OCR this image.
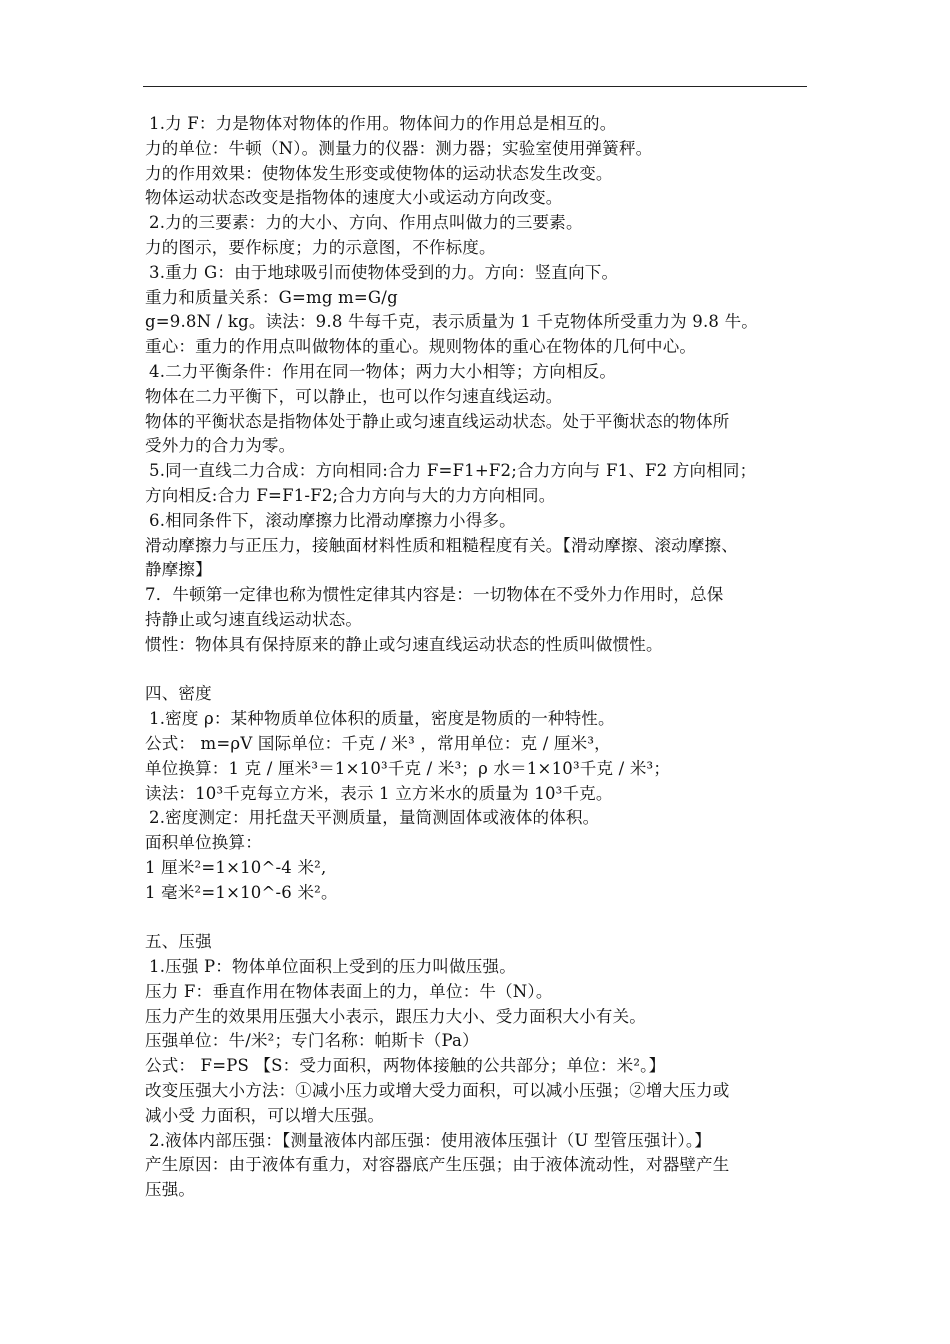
1.力 F：力是物体对物体的作用。物体间力的作用总是相互的。
力的单位：牛顿（N）。测量力的仪器：测力器；实验室使用弹簧秤。
力的作用效果：使物体发生形变或使物体的运动状态发生改变。
物体运动状态改变是指物体的速度大小或运动方向改变。
2.力的三要素：力的大小、方向、作用点叫做力的三要素。
力的图示，要作标度；力的示意图，不作标度。
3.重力 G：由于地球吸引而使物体受到的力。方向：竖直向下。
重力和质量关系：G=mg m=G/g
g=9.8N / kg。读法：9.8 牛每千克，表示质量为 1 千克物体所受重力为 9.8 牛。
重心：重力的作用点叫做物体的重心。规则物体的重心在物体的几何中心。
4.二力平衡条件：作用在同一物体；两力大小相等；方向相反。
物体在二力平衡下，可以静止，也可以作匀速直线运动。
物体的平衡状态是指物体处于静止或匀速直线运动状态。处于平衡状态的物体所
受外力的合力为零。
5.同一直线二力合成：方向相同:合力 F=F1+F2;合力方向与 F1、F2 方向相同；
方向相反:合力 F=F1-F2;合力方向与大的力方向相同。
6.相同条件下，滚动摩擦力比滑动摩擦力小得多。
滑动摩擦力与正压力，接触面材料性质和粗糙程度有关。【滑动摩擦、滚动摩擦、
静摩擦】
7．牛顿第一定律也称为惯性定律其内容是：一切物体在不受外力作用时，总保
持静止或匀速直线运动状态。
惯性：物体具有保持原来的静止或匀速直线运动状态的性质叫做惯性。
四、密度
1.密度 ρ：某种物质单位体积的质量，密度是物质的一种特性。
公式： m=ρV 国际单位：千克 / 米³ ，常用单位：克 / 厘米³，
单位换算：1 克 / 厘米³＝1×10³千克 / 米³；ρ 水＝1×10³千克 / 米³；
读法：10³千克每立方米，表示 1 立方米水的质量为 10³千克。
2.密度测定：用托盘天平测质量，量筒测固体或液体的体积。
面积单位换算：
1 厘米²=1×10^-4 米²,
1 毫米²=1×10^-6 米²。
五、压强
1.压强 P：物体单位面积上受到的压力叫做压强。
压力 F：垂直作用在物体表面上的力，单位：牛（N）。
压力产生的效果用压强大小表示，跟压力大小、受力面积大小有关。
压强单位：牛/米²；专门名称：帕斯卡（Pa）
公式： F=PS 【S：受力面积，两物体接触的公共部分；单位：米²。】
改变压强大小方法：①减小压力或增大受力面积，可以减小压强；②增大压力或
减小受 力面积，可以增大压强。
2.液体内部压强：【测量液体内部压强：使用液体压强计（U 型管压强计）。】
产生原因：由于液体有重力，对容器底产生压强；由于液体流动性，对器壁产生
压强。
